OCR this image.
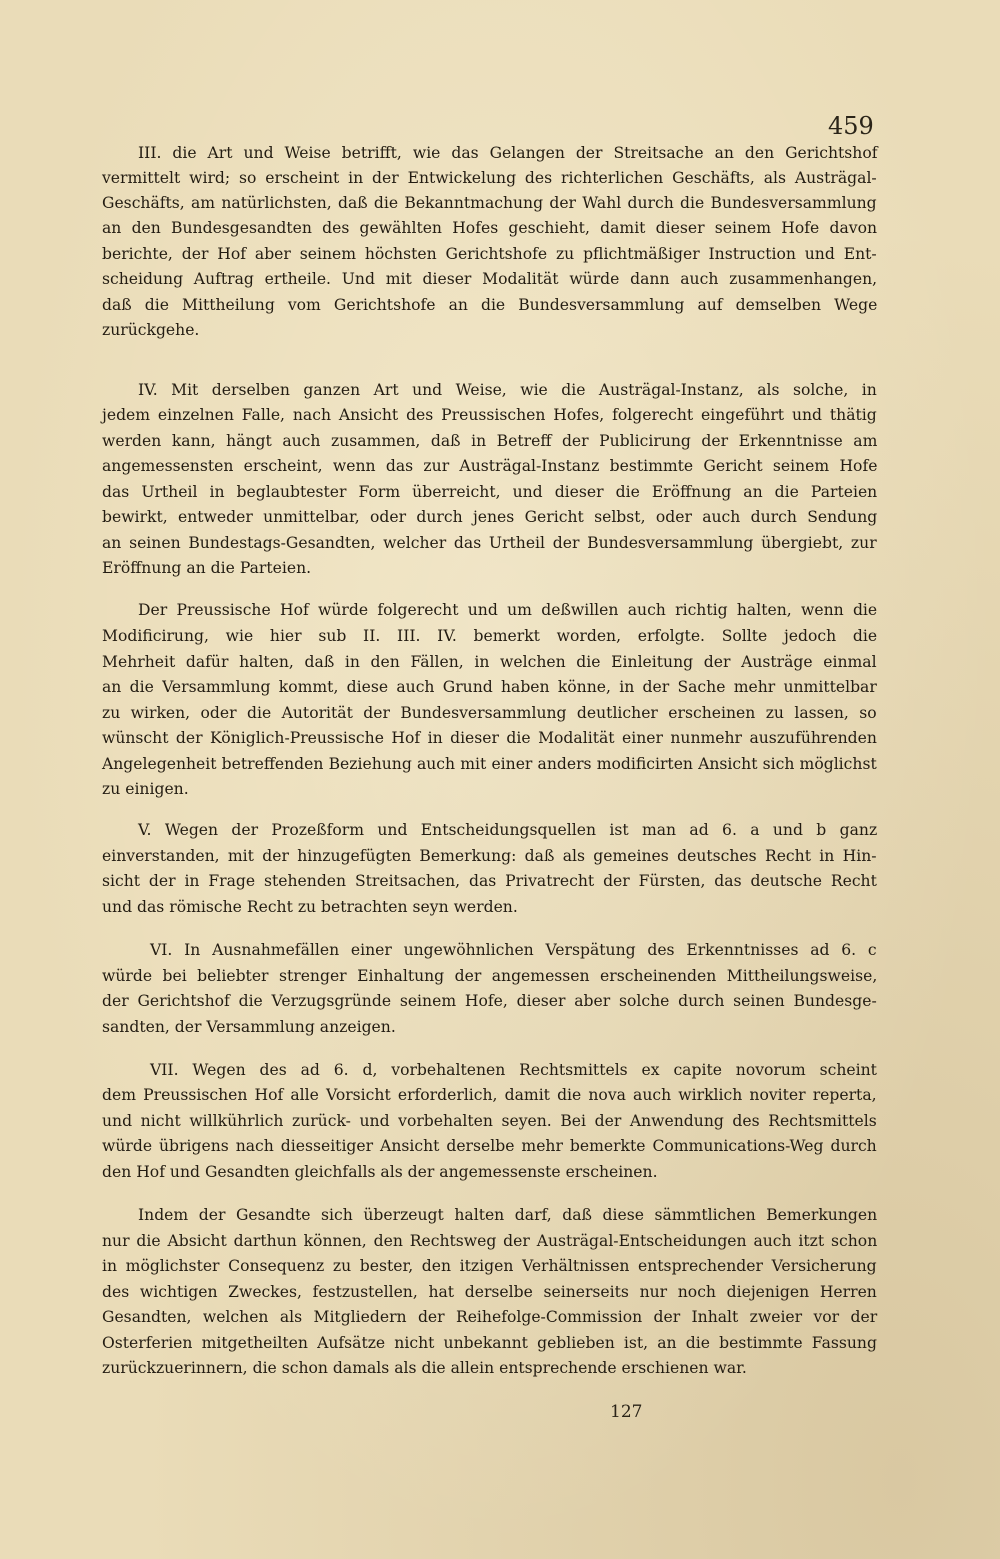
459
III. die Art und Weise betrifft, wie das Gelangen der Streitsache an den Gerichtshof
vermittelt wird; so erscheint in der Entwickelung des richterlichen Geschäfts, als Austrägal-
Geschäfts, am natürlichsten, daß die Bekanntmachung der Wahl durch die Bundesversammlung
an den Bundesgesandten des gewählten Hofes geschieht, damit dieser seinem Hofe davon
berichte, der Hof aber seinem höchsten Gerichtshofe zu pflichtmäßiger Instruction und Ent-
scheidung Auftrag ertheile. Und mit dieser Modalität würde dann auch zusammenhangen,
daß die Mittheilung vom Gerichtshofe an die Bundesversammlung auf demselben Wege
zurückgehe.
IV. Mit derselben ganzen Art und Weise, wie die Austrägal-Instanz, als solche, in
jedem einzelnen Falle, nach Ansicht des Preussischen Hofes, folgerecht eingeführt und thätig
werden kann, hängt auch zusammen, daß in Betreff der Publicirung der Erkenntnisse am
angemessensten erscheint, wenn das zur Austrägal-Instanz bestimmte Gericht seinem Hofe
das Urtheil in beglaubtester Form überreicht, und dieser die Eröffnung an die Parteien
bewirkt, entweder unmittelbar, oder durch jenes Gericht selbst, oder auch durch Sendung
an seinen Bundestags-Gesandten, welcher das Urtheil der Bundesversammlung übergiebt, zur
Eröffnung an die Parteien.
Der Preussische Hof würde folgerecht und um deßwillen auch richtig halten, wenn die
Modificirung, wie hier sub II. III. IV. bemerkt worden, erfolgte. Sollte jedoch die
Mehrheit dafür halten, daß in den Fällen, in welchen die Einleitung der Austräge einmal
an die Versammlung kommt, diese auch Grund haben könne, in der Sache mehr unmittelbar
zu wirken, oder die Autorität der Bundesversammlung deutlicher erscheinen zu lassen, so
wünscht der Königlich-Preussische Hof in dieser die Modalität einer nunmehr auszuführenden
Angelegenheit betreffenden Beziehung auch mit einer anders modificirten Ansicht sich möglichst
zu einigen.
V. Wegen der Prozeßform und Entscheidungsquellen ist man ad 6. a und b ganz
einverstanden, mit der hinzugefügten Bemerkung: daß als gemeines deutsches Recht in Hin-
sicht der in Frage stehenden Streitsachen, das Privatrecht der Fürsten, das deutsche Recht
und das römische Recht zu betrachten seyn werden.
VI. In Ausnahmefällen einer ungewöhnlichen Verspätung des Erkenntnisses ad 6. c
würde bei beliebter strenger Einhaltung der angemessen erscheinenden Mittheilungsweise,
der Gerichtshof die Verzugsgründe seinem Hofe, dieser aber solche durch seinen Bundesge-
sandten, der Versammlung anzeigen.
VII. Wegen des ad 6. d, vorbehaltenen Rechtsmittels ex capite novorum scheint
dem Preussischen Hof alle Vorsicht erforderlich, damit die nova auch wirklich noviter reperta,
und nicht willkührlich zurück- und vorbehalten seyen. Bei der Anwendung des Rechtsmittels
würde übrigens nach diesseitiger Ansicht derselbe mehr bemerkte Communications-Weg durch
den Hof und Gesandten gleichfalls als der angemessenste erscheinen.
Indem der Gesandte sich überzeugt halten darf, daß diese sämmtlichen Bemerkungen
nur die Absicht darthun können, den Rechtsweg der Austrägal-Entscheidungen auch itzt schon
in möglichster Consequenz zu bester, den itzigen Verhältnissen entsprechender Versicherung
des wichtigen Zweckes, festzustellen, hat derselbe seinerseits nur noch diejenigen Herren
Gesandten, welchen als Mitgliedern der Reihefolge-Commission der Inhalt zweier vor der
Osterferien mitgetheilten Aufsätze nicht unbekannt geblieben ist, an die bestimmte Fassung
zurückzuerinnern, die schon damals als die allein entsprechende erschienen war.
127
